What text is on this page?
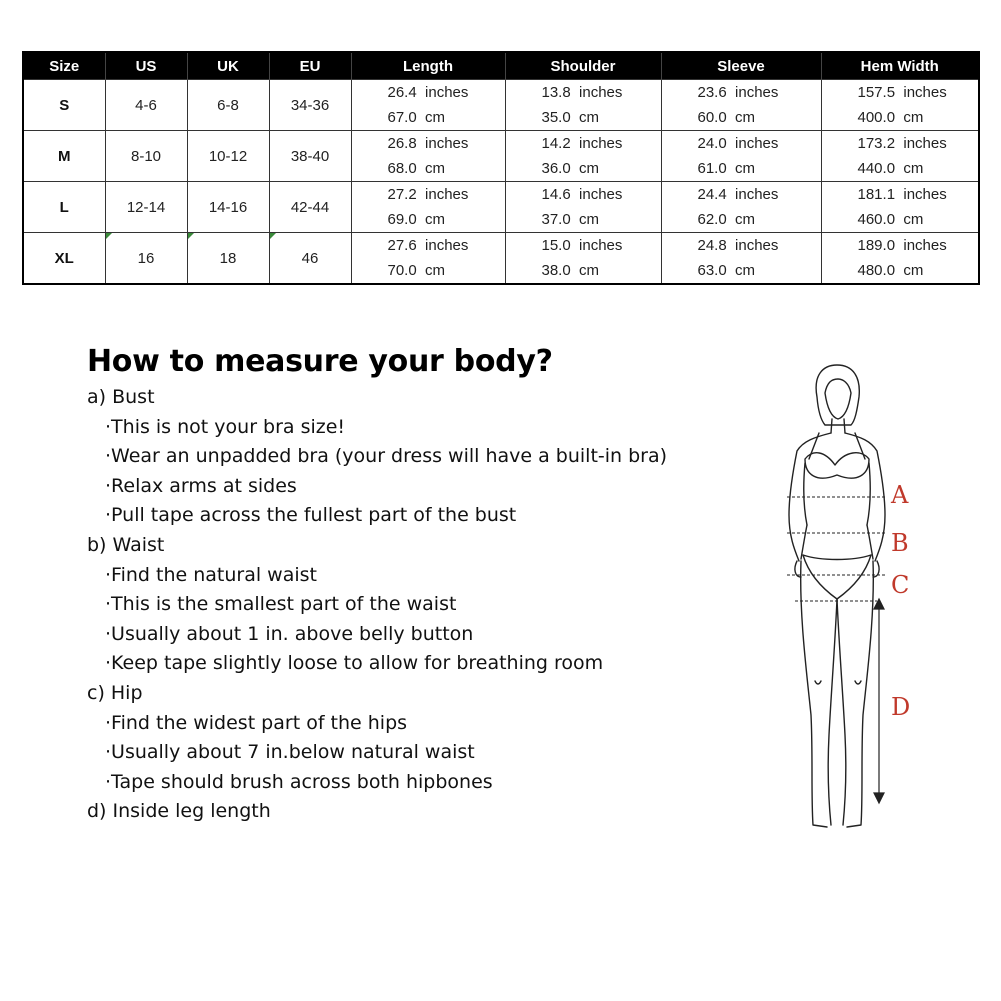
Size	US	UK	EU	Length	Shoulder	Sleeve	Hem Width
S	4-6	6-8	34-36	26.4  inches	13.8  inches	23.6  inches	157.5  inches
				67.0  cm	35.0  cm	60.0  cm	400.0  cm
M	8-10	10-12	38-40	26.8  inches	14.2  inches	24.0  inches	173.2  inches
				68.0  cm	36.0  cm	61.0  cm	440.0  cm
L	12-14	14-16	42-44	27.2  inches	14.6  inches	24.4  inches	181.1  inches
				69.0  cm	37.0  cm	62.0  cm	460.0  cm
XL	16	18	46	27.6  inches	15.0  inches	24.8  inches	189.0  inches
				70.0  cm	38.0  cm	63.0  cm	480.0  cm
How to measure your body?
a) Bust
·This is not your bra size!
·Wear an unpadded bra (your dress will have a built-in bra)
·Relax arms at sides
·Pull tape across the fullest part of the bust
b) Waist
·Find the natural waist
·This is the smallest part of the waist
·Usually about 1 in. above belly button
·Keep tape slightly loose to allow for breathing room
c) Hip
·Find the widest part of the hips
·Usually about 7 in.below natural waist
·Tape should brush across both hipbones
d) Inside leg length
A
B
C
D
